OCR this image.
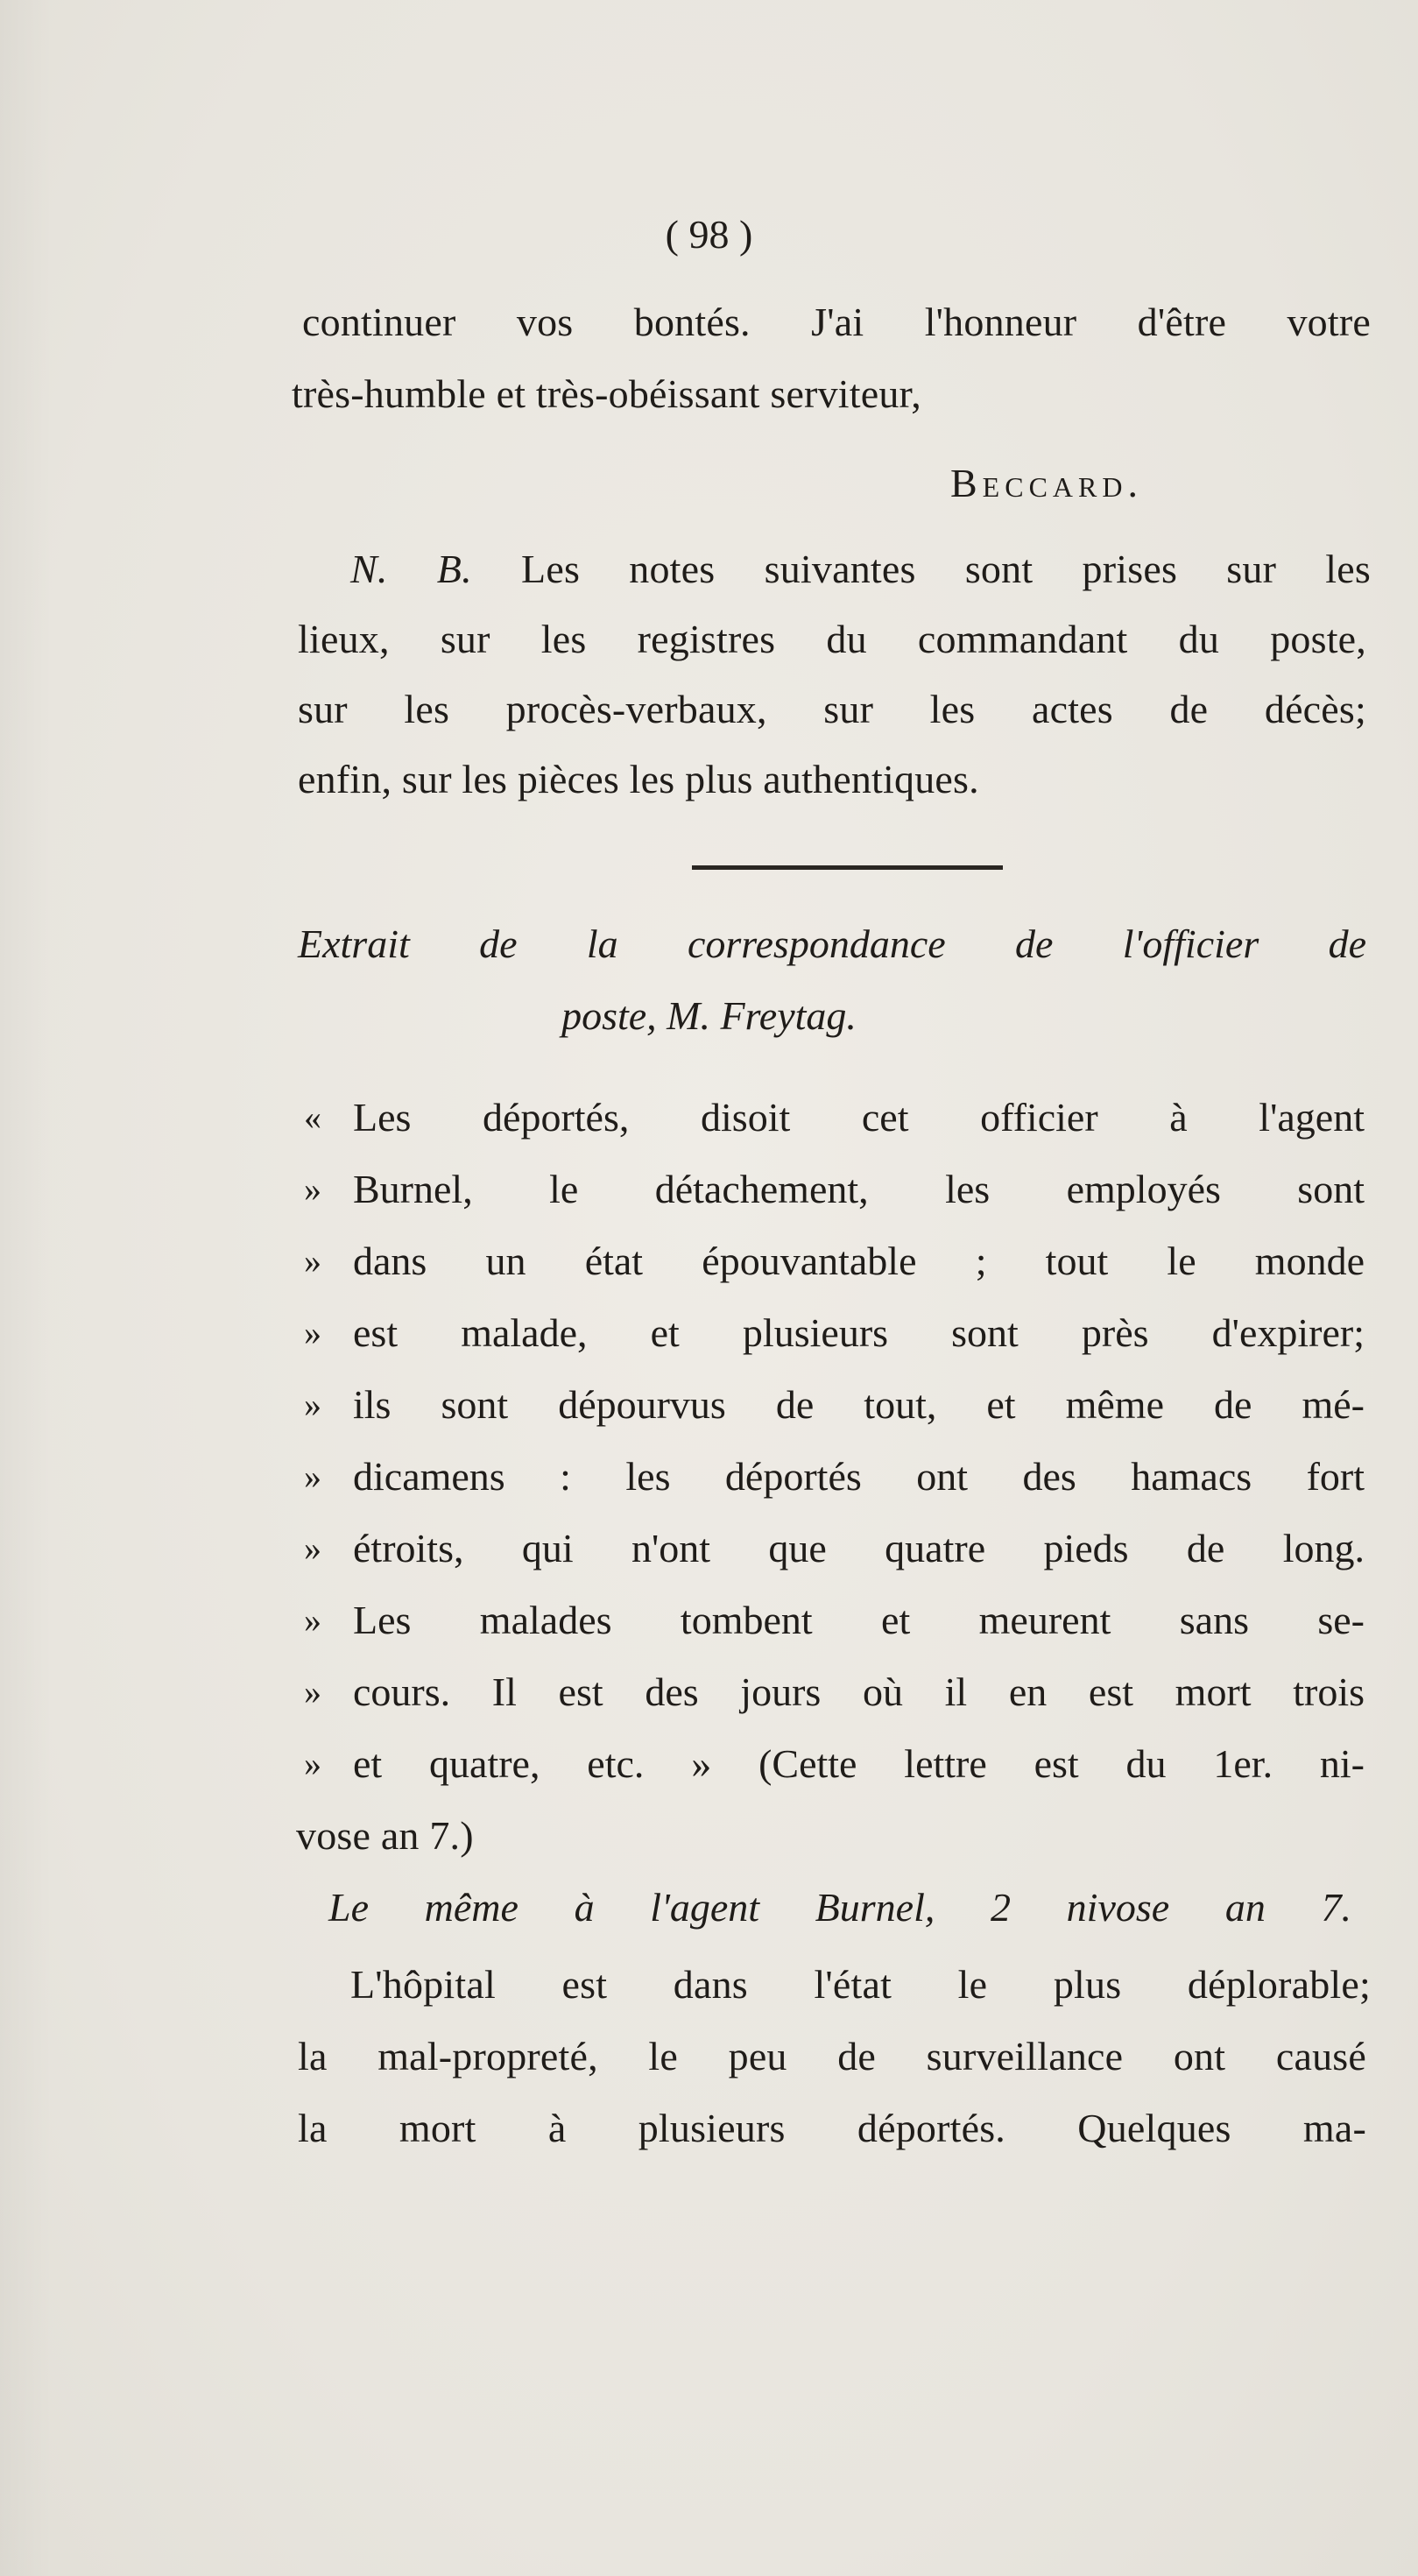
( 98 )
continuer vos bontés. J'ai l'honneur d'être votre
très-humble et très-obéissant serviteur,
Beccard.
N. B. Les notes suivantes sont prises sur les
lieux, sur les registres du commandant du poste,
sur les procès-verbaux, sur les actes de décès;
enfin, sur les pièces les plus authentiques.
Extrait de la correspondance de l'officier de
poste, M. Freytag.
« Les déportés, disoit cet officier à l'agent
» Burnel, le détachement, les employés sont
» dans un état épouvantable ; tout le monde
» est malade, et plusieurs sont près d'expirer;
» ils sont dépourvus de tout, et même de mé-
» dicamens : les déportés ont des hamacs fort
» étroits, qui n'ont que quatre pieds de long.
» Les malades tombent et meurent sans se-
» cours. Il est des jours où il en est mort trois
» et quatre, etc. » (Cette lettre est du 1er. ni-
vose an 7.)
Le même à l'agent Burnel, 2 nivose an 7.
L'hôpital est dans l'état le plus déplorable;
la mal-propreté, le peu de surveillance ont causé
la mort à plusieurs déportés. Quelques ma-
